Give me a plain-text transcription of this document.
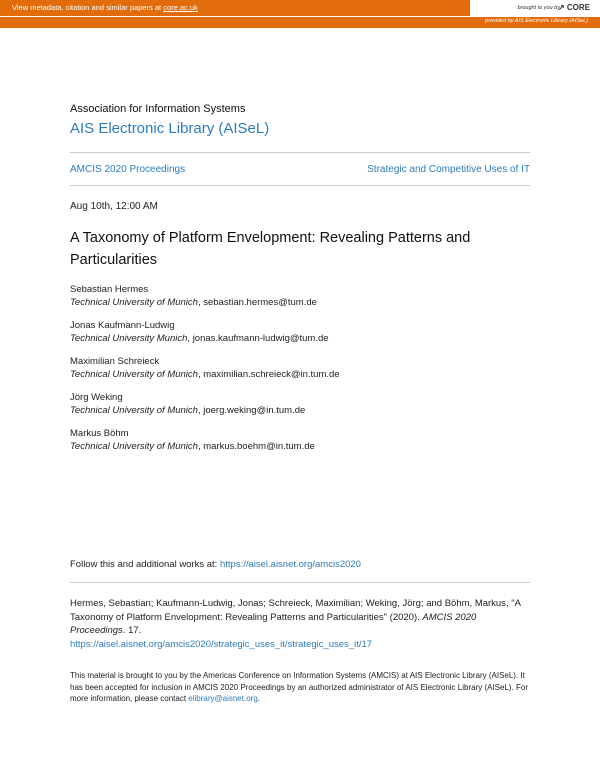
View metadata, citation and similar papers at core.ac.uk
provided by AIS Electronic Library (AISeL)
brought to you by
↗ CORE
Association for Information Systems
AIS Electronic Library (AISeL)
AMCIS 2020 Proceedings	Strategic and Competitive Uses of IT
Aug 10th, 12:00 AM
A Taxonomy of Platform Envelopment: Revealing Patterns and Particularities
Sebastian Hermes
Technical University of Munich, sebastian.hermes@tum.de
Jonas Kaufmann-Ludwig
Technical University Munich, jonas.kaufmann-ludwig@tum.de
Maximilian Schreieck
Technical University of Munich, maximilian.schreieck@in.tum.de
Jörg Weking
Technical University of Munich, joerg.weking@in.tum.de
Markus Böhm
Technical University of Munich, markus.boehm@in.tum.de
Follow this and additional works at: https://aisel.aisnet.org/amcis2020
Hermes, Sebastian; Kaufmann-Ludwig, Jonas; Schreieck, Maximilian; Weking, Jörg; and Böhm, Markus, "A Taxonomy of Platform Envelopment: Revealing Patterns and Particularities" (2020). AMCIS 2020 Proceedings. 17.
https://aisel.aisnet.org/amcis2020/strategic_uses_it/strategic_uses_it/17
This material is brought to you by the Americas Conference on Information Systems (AMCIS) at AIS Electronic Library (AISeL). It has been accepted for inclusion in AMCIS 2020 Proceedings by an authorized administrator of AIS Electronic Library (AISeL). For more information, please contact elibrary@aisnet.org.
